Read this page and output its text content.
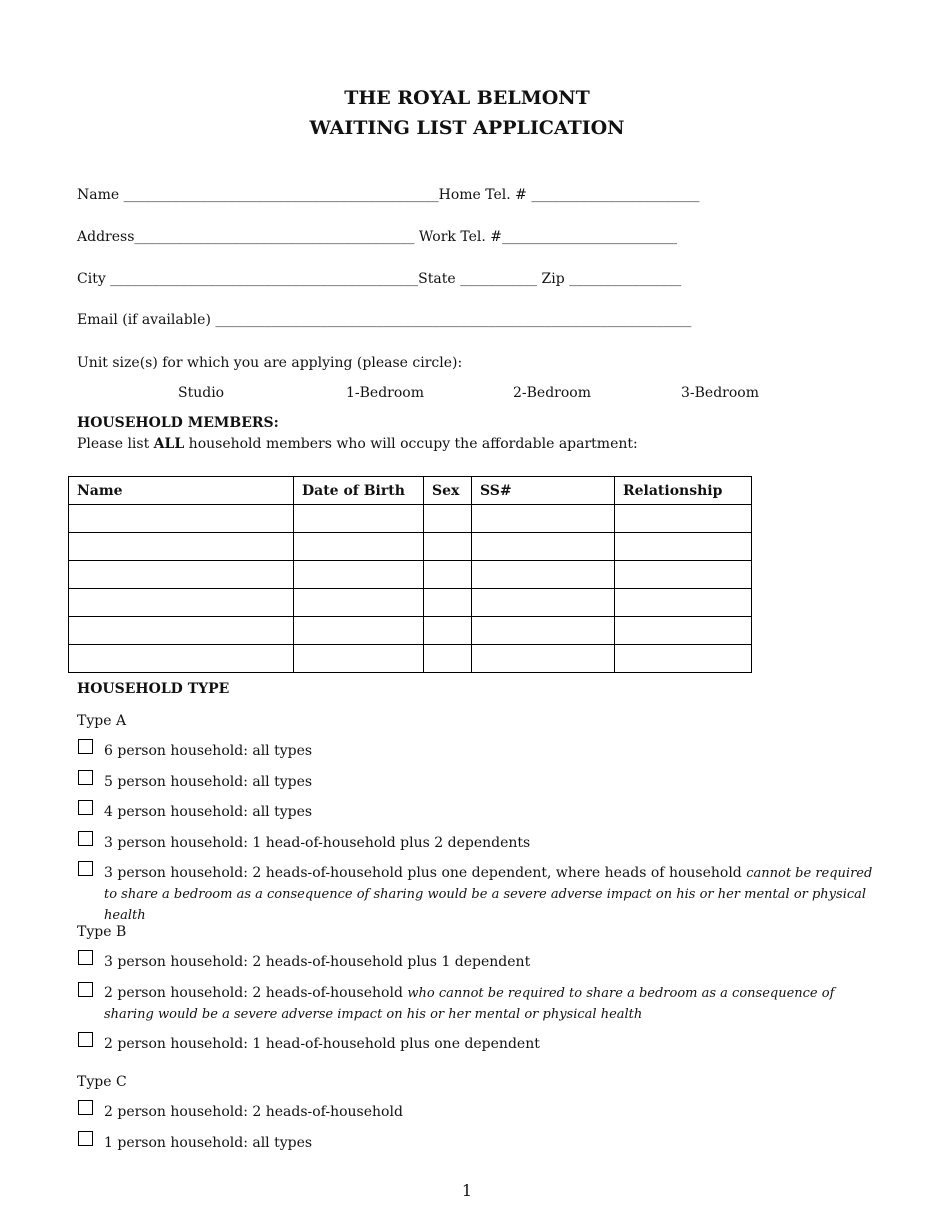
THE ROYAL BELMONT
WAITING LIST APPLICATION
Name _____________________________________________Home Tel. # ________________________
Address________________________________________ Work Tel. #_________________________
City ____________________________________________State ___________ Zip ________________
Email (if available) ____________________________________________________________________
Unit size(s) for which you are applying (please circle):
Studio	1-Bedroom	2-Bedroom	3-Bedroom
HOUSEHOLD MEMBERS:
Please list ALL household members who will occupy the affordable apartment:
Name	Date of Birth	Sex	SS#	Relationship

HOUSEHOLD TYPE
Type A
6 person household: all types
5 person household: all types
4 person household: all types
3 person household: 1 head-of-household plus 2 dependents
3 person household: 2 heads-of-household plus one dependent, where heads of household cannot be required to share a bedroom as a consequence of sharing would be a severe adverse impact on his or her mental or physical health
Type B
3 person household: 2 heads-of-household plus 1 dependent
2 person household: 2 heads-of-household who cannot be required to share a bedroom as a consequence of sharing would be a severe adverse impact on his or her mental or physical health
2 person household: 1 head-of-household plus one dependent
Type C
2 person household: 2 heads-of-household
1 person household: all types
1
